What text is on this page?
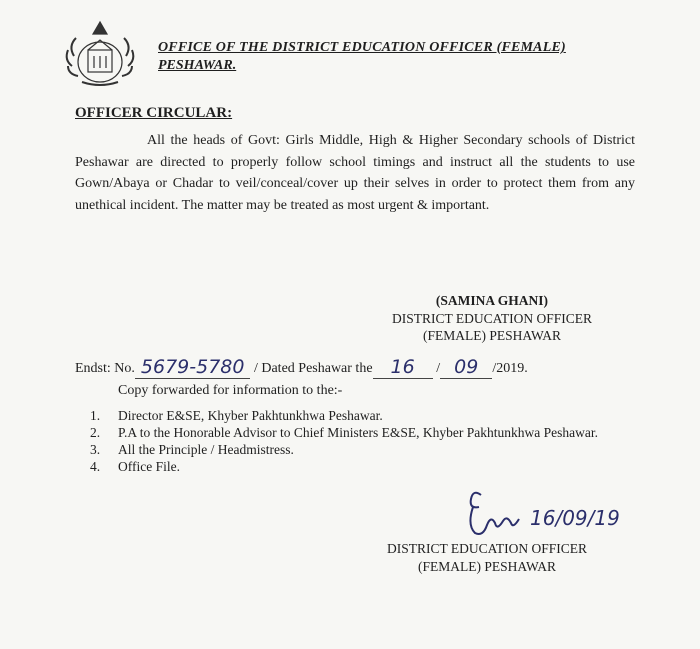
OFFICE OF THE DISTRICT EDUCATION OFFICER (FEMALE)
PESHAWAR.
OFFICER CIRCULAR:
All the heads of Govt: Girls Middle, High & Higher Secondary schools of District Peshawar are directed to properly follow school timings and instruct all the students to use Gown/Abaya or Chadar to veil/conceal/cover up their selves in order to protect them from any unethical incident. The matter may be treated as most urgent & important.
(SAMINA GHANI)
DISTRICT EDUCATION OFFICER
(FEMALE) PESHAWAR
Endst: No. 5679-5780 / Dated Peshawar the 16 / 09 /2019.
Copy forwarded for information to the:-
1.	Director E&SE, Khyber Pakhtunkhwa Peshawar.
2.	P.A to the Honorable Advisor to Chief Ministers E&SE, Khyber Pakhtunkhwa Peshawar.
3.	All the Principle / Headmistress.
4.	Office File.
16/09/19
DISTRICT EDUCATION OFFICER
(FEMALE) PESHAWAR
